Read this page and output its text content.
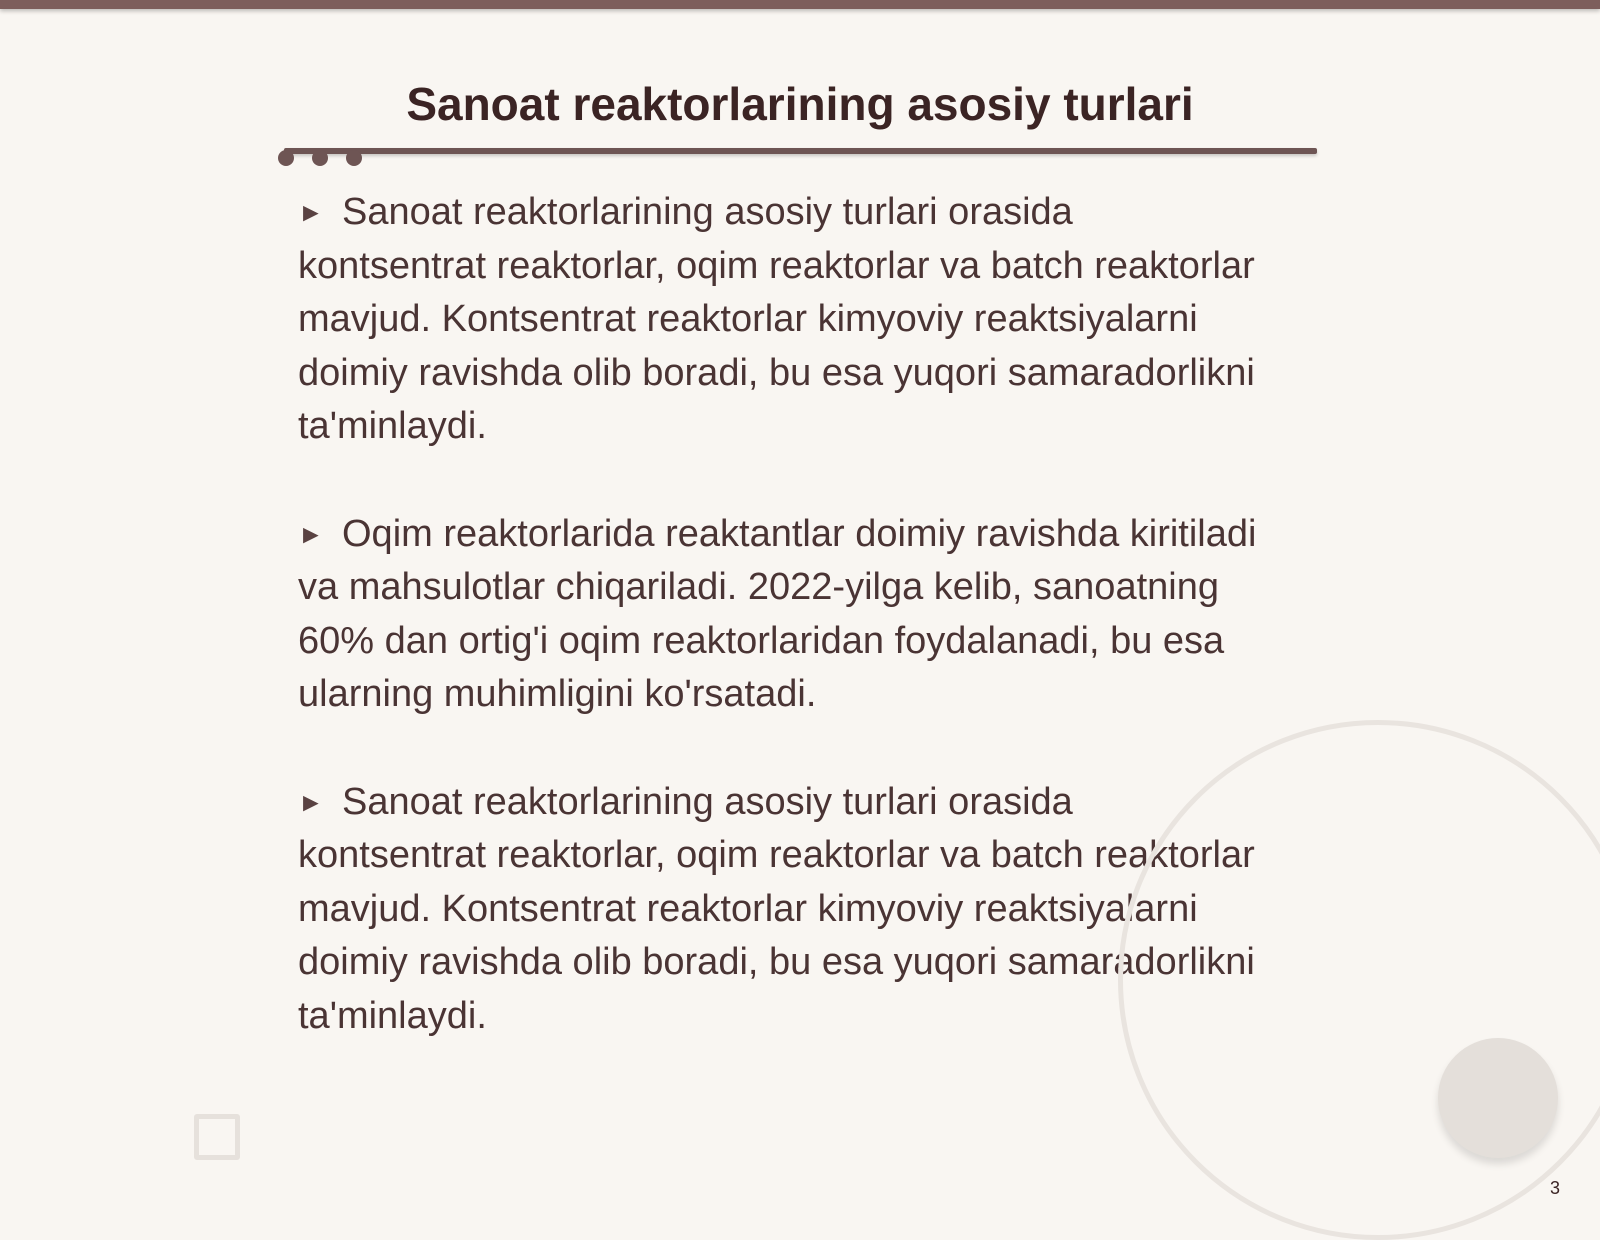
Sanoat reaktorlarining asosiy turlari

► Sanoat reaktorlarining asosiy turlari orasida kontsentrat reaktorlar, oqim reaktorlar va batch reaktorlar mavjud. Kontsentrat reaktorlar kimyoviy reaktsiyalarni doimiy ravishda olib boradi, bu esa yuqori samaradorlikni ta'minlaydi.

► Oqim reaktorlarida reaktantlar doimiy ravishda kiritiladi va mahsulotlar chiqariladi. 2022-yilga kelib, sanoatning 60% dan ortig'i oqim reaktorlaridan foydalanadi, bu esa ularning muhimligini ko'rsatadi.

► Sanoat reaktorlarining asosiy turlari orasida kontsentrat reaktorlar, oqim reaktorlar va batch reaktorlar mavjud. Kontsentrat reaktorlar kimyoviy reaktsiyalarni doimiy ravishda olib boradi, bu esa yuqori samaradorlikni ta'minlaydi.

3
